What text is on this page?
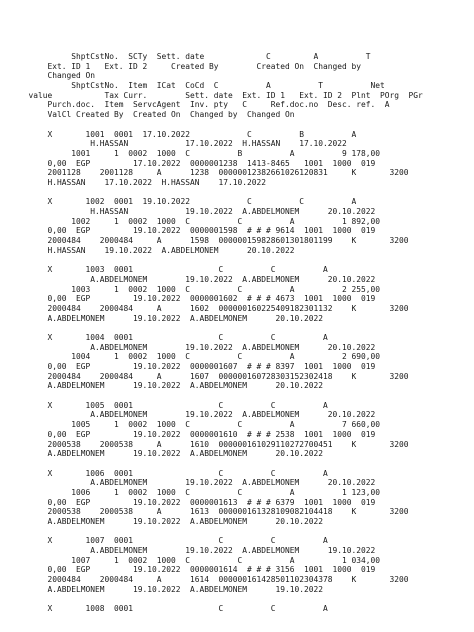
ShptCstNo.  SCTy  Sett. date             C         A          T
Ext. ID 1   Ext. ID 2     Created By        Created On  Changed by
Changed On
ShptCstNo.  Item  ICat  CoCd  C          A          T          Net
value           Tax Curr.        Sett. date  Ext. ID 1   Ext. ID 2  Plnt  POrg  PGr
Purch.doc.  Item  ServcAgent  Inv. pty   C     Ref.doc.no  Desc. ref.  A
ValCl Created By  Created On  Changed by  Changed On
X       1001  0001  17.10.2022            C          B          A
H.HASSAN            17.10.2022  H.HASSAN    17.10.2022
1001     1  0002  1000  C          B          A          9 178,00
0,00  EGP         17.10.2022  0000001238  1413-8465   1001  1000  019
2001128    2001128     A      1238  00000012382661026120831     K       3200
H.HASSAN    17.10.2022  H.HASSAN    17.10.2022
X       1002  0001  19.10.2022            C          C          A
H.HASSAN            19.10.2022  A.ABDELMONEM      20.10.2022
1002     1  0002  1000  C          C          A          1 892,00
0,00  EGP         19.10.2022  0000001598  # # # 9614  1001  1000  019
2000484    2000484     A      1598  000000159828601301801199    K       3200
H.HASSAN    19.10.2022  A.ABDELMONEM      20.10.2022
X       1003  0001                  C          C          A
A.ABDELMONEM        19.10.2022  A.ABDELMONEM      20.10.2022
1003     1  0002  1000  C          C          A          2 255,00
0,00  EGP         19.10.2022  0000001602  # # # 4673  1001  1000  019
2000484    2000484     A      1602  000000160225409182301132    K       3200
A.ABDELMONEM      19.10.2022  A.ABDELMONEM      20.10.2022
X       1004  0001                  C          C          A
A.ABDELMONEM        19.10.2022  A.ABDELMONEM      20.10.2022
1004     1  0002  1000  C          C          A          2 690,00
0,00  EGP         19.10.2022  0000001607  # # # 8397  1001  1000  019
2000484    2000484     A      1607  000000160728303152302418    K       3200
A.ABDELMONEM      19.10.2022  A.ABDELMONEM      20.10.2022
X       1005  0001                  C          C          A
A.ABDELMONEM        19.10.2022  A.ABDELMONEM      20.10.2022
1005     1  0002  1000  C          C          A          7 660,00
0,00  EGP         19.10.2022  0000001610  # # # 2538  1001  1000  019
2000538    2000538     A      1610  000000161029110272700451    K       3200
A.ABDELMONEM      19.10.2022  A.ABDELMONEM      20.10.2022
X       1006  0001                  C          C          A
A.ABDELMONEM        19.10.2022  A.ABDELMONEM      20.10.2022
1006     1  0002  1000  C          C          A          1 123,00
0,00  EGP         19.10.2022  0000001613  # # # 6379  1001  1000  019
2000538    2000538     A      1613  000000161328109082104418    K       3200
A.ABDELMONEM      19.10.2022  A.ABDELMONEM      20.10.2022
X       1007  0001                  C          C          A
A.ABDELMONEM        19.10.2022  A.ABDELMONEM      19.10.2022
1007     1  0002  1000  C          C          A          1 034,00
0,00  EGP         19.10.2022  0000001614  # # # 3156  1001  1000  019
2000484    2000484     A      1614  000000161428501102304378    K       3200
A.ABDELMONEM      19.10.2022  A.ABDELMONEM      19.10.2022
X       1008  0001                  C          C          A
